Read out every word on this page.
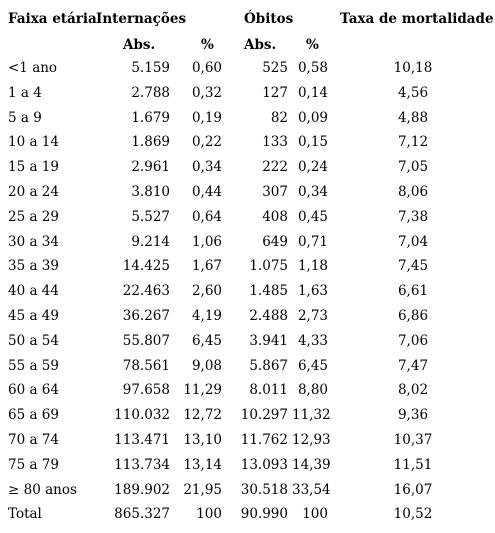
Faixa etária Internações	Óbitos	Taxa de mortalidade
Abs.	% Abs. %
<1 ano	5.159	0,60	525 0,58	10,18
1 a 4	2.788	0,32	127 0,14	4,56
5 a 9	1.679	0,19	82 0,09	4,88
10 a 14	1.869	0,22	133 0,15	7,12
15 a 19	2.961	0,34	222 0,24	7,05
20 a 24	3.810	0,44	307 0,34	8,06
25 a 29	5.527	0,64	408 0,45	7,38
30 a 34	9.214	1,06	649 0,71	7,04
35 a 39	14.425	1,67	1.075 1,18	7,45
40 a 44	22.463	2,60	1.485 1,63	6,61
45 a 49	36.267	4,19	2.488 2,73	6,86
50 a 54	55.807	6,45	3.941 4,33	7,06
55 a 59	78.561	9,08	5.867 6,45	7,47
60 a 64	97.658 11,29	8.011 8,80	8,02
65 a 69	110.032 12,72	10.297 11,32	9,36
70 a 74	113.471 13,10	11.762 12,93	10,37
75 a 79	113.734 13,14	13.093 14,39	11,51
≥ 80 anos	189.902 21,95	30.518 33,54	16,07
Total	865.327	100	90.990	100	10,52
